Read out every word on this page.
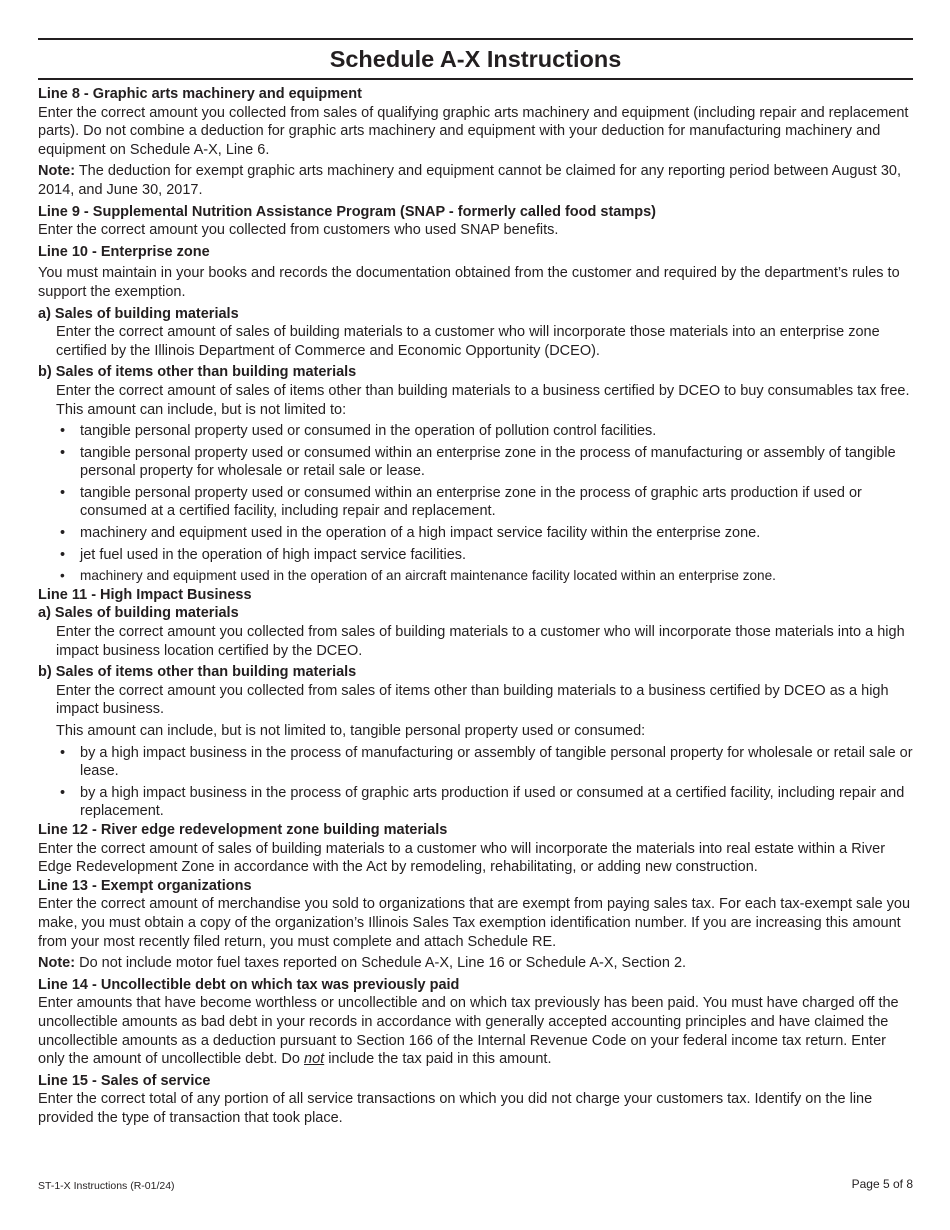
Schedule A-X Instructions
Line 8 - Graphic arts machinery and equipment
Enter the correct amount you collected from sales of qualifying graphic arts machinery and equipment (including repair and replacement parts). Do not combine a deduction for graphic arts machinery and equipment with your deduction for manufacturing machinery and equipment on Schedule A-X, Line 6.
Note: The deduction for exempt graphic arts machinery and equipment cannot be claimed for any reporting period between August 30, 2014, and June 30, 2017.
Line 9 - Supplemental Nutrition Assistance Program (SNAP - formerly called food stamps)
Enter the correct amount you collected from customers who used SNAP benefits.
Line 10 - Enterprise zone
You must maintain in your books and records the documentation obtained from the customer and required by the department’s rules to support the exemption.
a) Sales of building materials
Enter the correct amount of sales of building materials to a customer who will incorporate those materials into an enterprise zone certified by the Illinois Department of Commerce and Economic Opportunity (DCEO).
b) Sales of items other than building materials
Enter the correct amount of sales of items other than building materials to a business certified by DCEO to buy consumables tax free. This amount can include, but is not limited to:
• tangible personal property used or consumed in the operation of pollution control facilities.
• tangible personal property used or consumed within an enterprise zone in the process of manufacturing or assembly of tangible personal property for wholesale or retail sale or lease.
• tangible personal property used or consumed within an enterprise zone in the process of graphic arts production if used or consumed at a certified facility, including repair and replacement.
• machinery and equipment used in the operation of a high impact service facility within the enterprise zone.
• jet fuel used in the operation of high impact service facilities.
• machinery and equipment used in the operation of an aircraft maintenance facility located within an enterprise zone.
Line 11 - High Impact Business
a) Sales of building materials
Enter the correct amount you collected from sales of building materials to a customer who will incorporate those materials into a high impact business location certified by the DCEO.
b) Sales of items other than building materials
Enter the correct amount you collected from sales of items other than building materials to a business certified by DCEO as a high impact business.
This amount can include, but is not limited to, tangible personal property used or consumed:
• by a high impact business in the process of manufacturing or assembly of tangible personal property for wholesale or retail sale or lease.
• by a high impact business in the process of graphic arts production if used or consumed at a certified facility, including repair and replacement.
Line 12 - River edge redevelopment zone building materials
Enter the correct amount of sales of building materials to a customer who will incorporate the materials into real estate within a River Edge Redevelopment Zone in accordance with the Act by remodeling, rehabilitating, or adding new construction.
Line 13 - Exempt organizations
Enter the correct amount of merchandise you sold to organizations that are exempt from paying sales tax. For each tax-exempt sale you make, you must obtain a copy of the organization’s Illinois Sales Tax exemption identification number. If you are increasing this amount from your most recently filed return, you must complete and attach Schedule RE.
Note: Do not include motor fuel taxes reported on Schedule A-X, Line 16 or Schedule A-X, Section 2.
Line 14 - Uncollectible debt on which tax was previously paid
Enter amounts that have become worthless or uncollectible and on which tax previously has been paid. You must have charged off the uncollectible amounts as bad debt in your records in accordance with generally accepted accounting principles and have claimed the uncollectible amounts as a deduction pursuant to Section 166 of the Internal Revenue Code on your federal income tax return. Enter only the amount of uncollectible debt. Do not include the tax paid in this amount.
Line 15 - Sales of service
Enter the correct total of any portion of all service transactions on which you did not charge your customers tax. Identify on the line provided the type of transaction that took place.
ST-1-X Instructions (R-01/24)	Page 5 of 8
